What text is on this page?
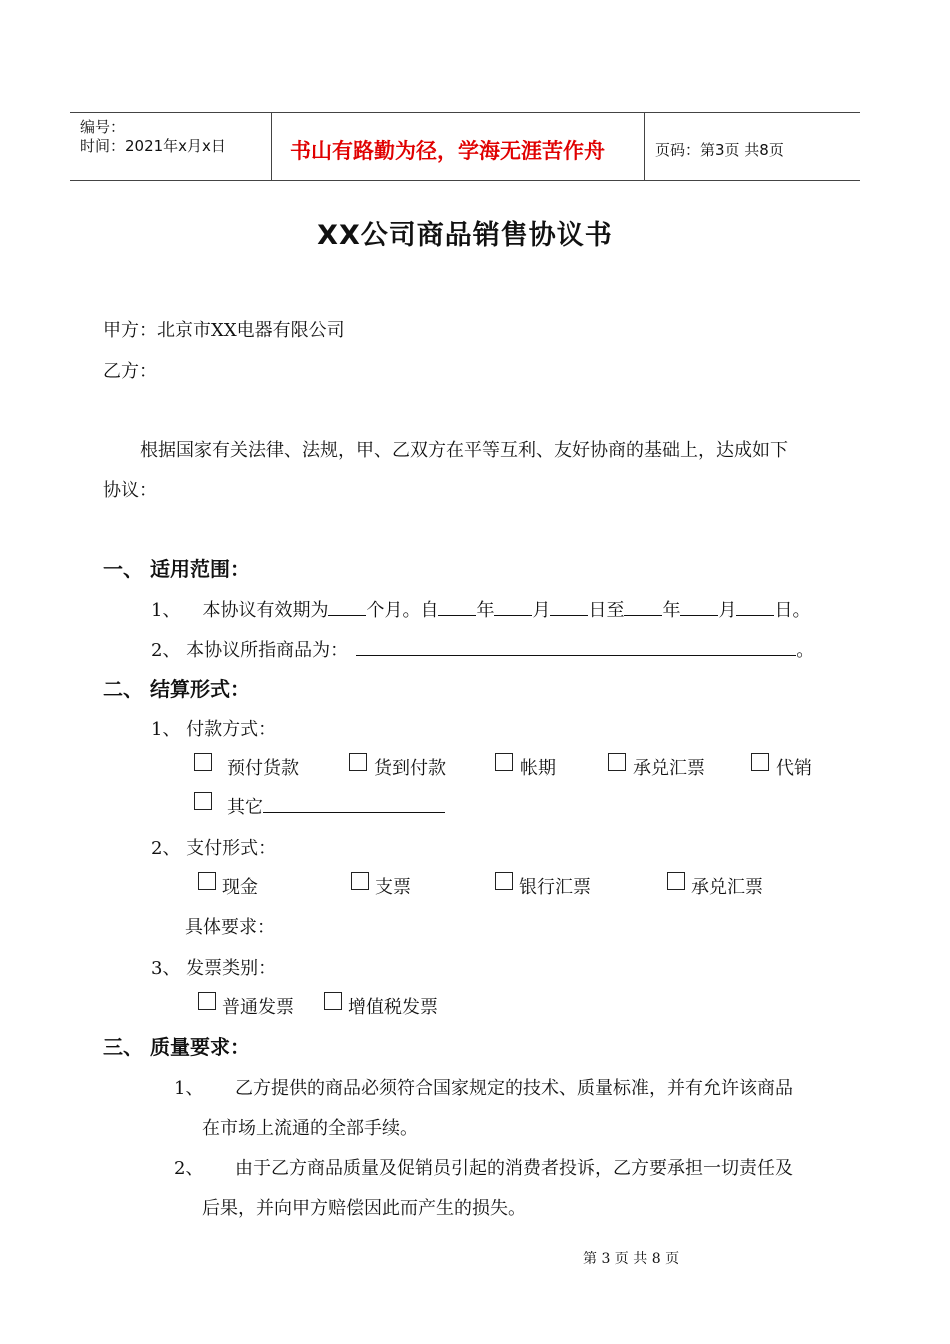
编号：
时间：2021年x月x日	书山有路勤为径，学海无涯苦作舟	页码：第3页 共8页
XX公司商品销售协议书
甲方：北京市XX电器有限公司
乙方：
根据国家有关法律、法规，甲、乙双方在平等互利、友好协商的基础上，达成如下
协议：
一、 适用范围：
1、 本协议有效期为 个月。自 年 月 日至 年 月 日。
2、 本协议所指商品为：	。
二、 结算形式：
1、 付款方式：
预付货款	货到付款	帐期	承兑汇票	代销
其它
2、 支付形式：
现金	支票	银行汇票	承兑汇票
具体要求：
3、 发票类别：
普通发票	增值税发票
三、 质量要求：
1、 乙方提供的商品必须符合国家规定的技术、质量标准，并有允许该商品
在市场上流通的全部手续。
2、 由于乙方商品质量及促销员引起的消费者投诉，乙方要承担一切责任及
后果，并向甲方赔偿因此而产生的损失。
第 3 页 共 8 页
